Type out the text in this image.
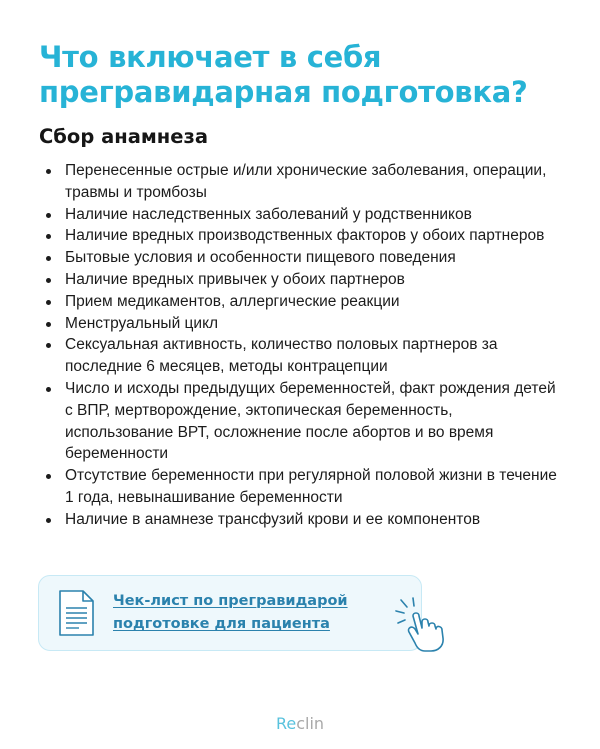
Что включает в себя
прегравидарная подготовка?
Сбор анамнеза
Перенесенные острые и/или хронические заболевания, операции, травмы и тромбозы
Наличие наследственных заболеваний у родственников
Наличие вредных производственных факторов у обоих партнеров
Бытовые условия и особенности пищевого поведения
Наличие вредных привычек у обоих партнеров
Прием медикаментов, аллергические реакции
Менструальный цикл
Сексуальная активность, количество половых партнеров за последние 6 месяцев, методы контрацепции
Число и исходы предыдущих беременностей, факт рождения детей с ВПР, мертворождение, эктопическая беременность, использование ВРТ, осложнение после абортов и во время беременности
Отсутствие беременности при регулярной половой жизни в течение 1 года, невынашивание беременности
Наличие в анамнезе трансфузий крови и ее компонентов
Чек-лист по прегравидарой
подготовке для пациента
Reclin
